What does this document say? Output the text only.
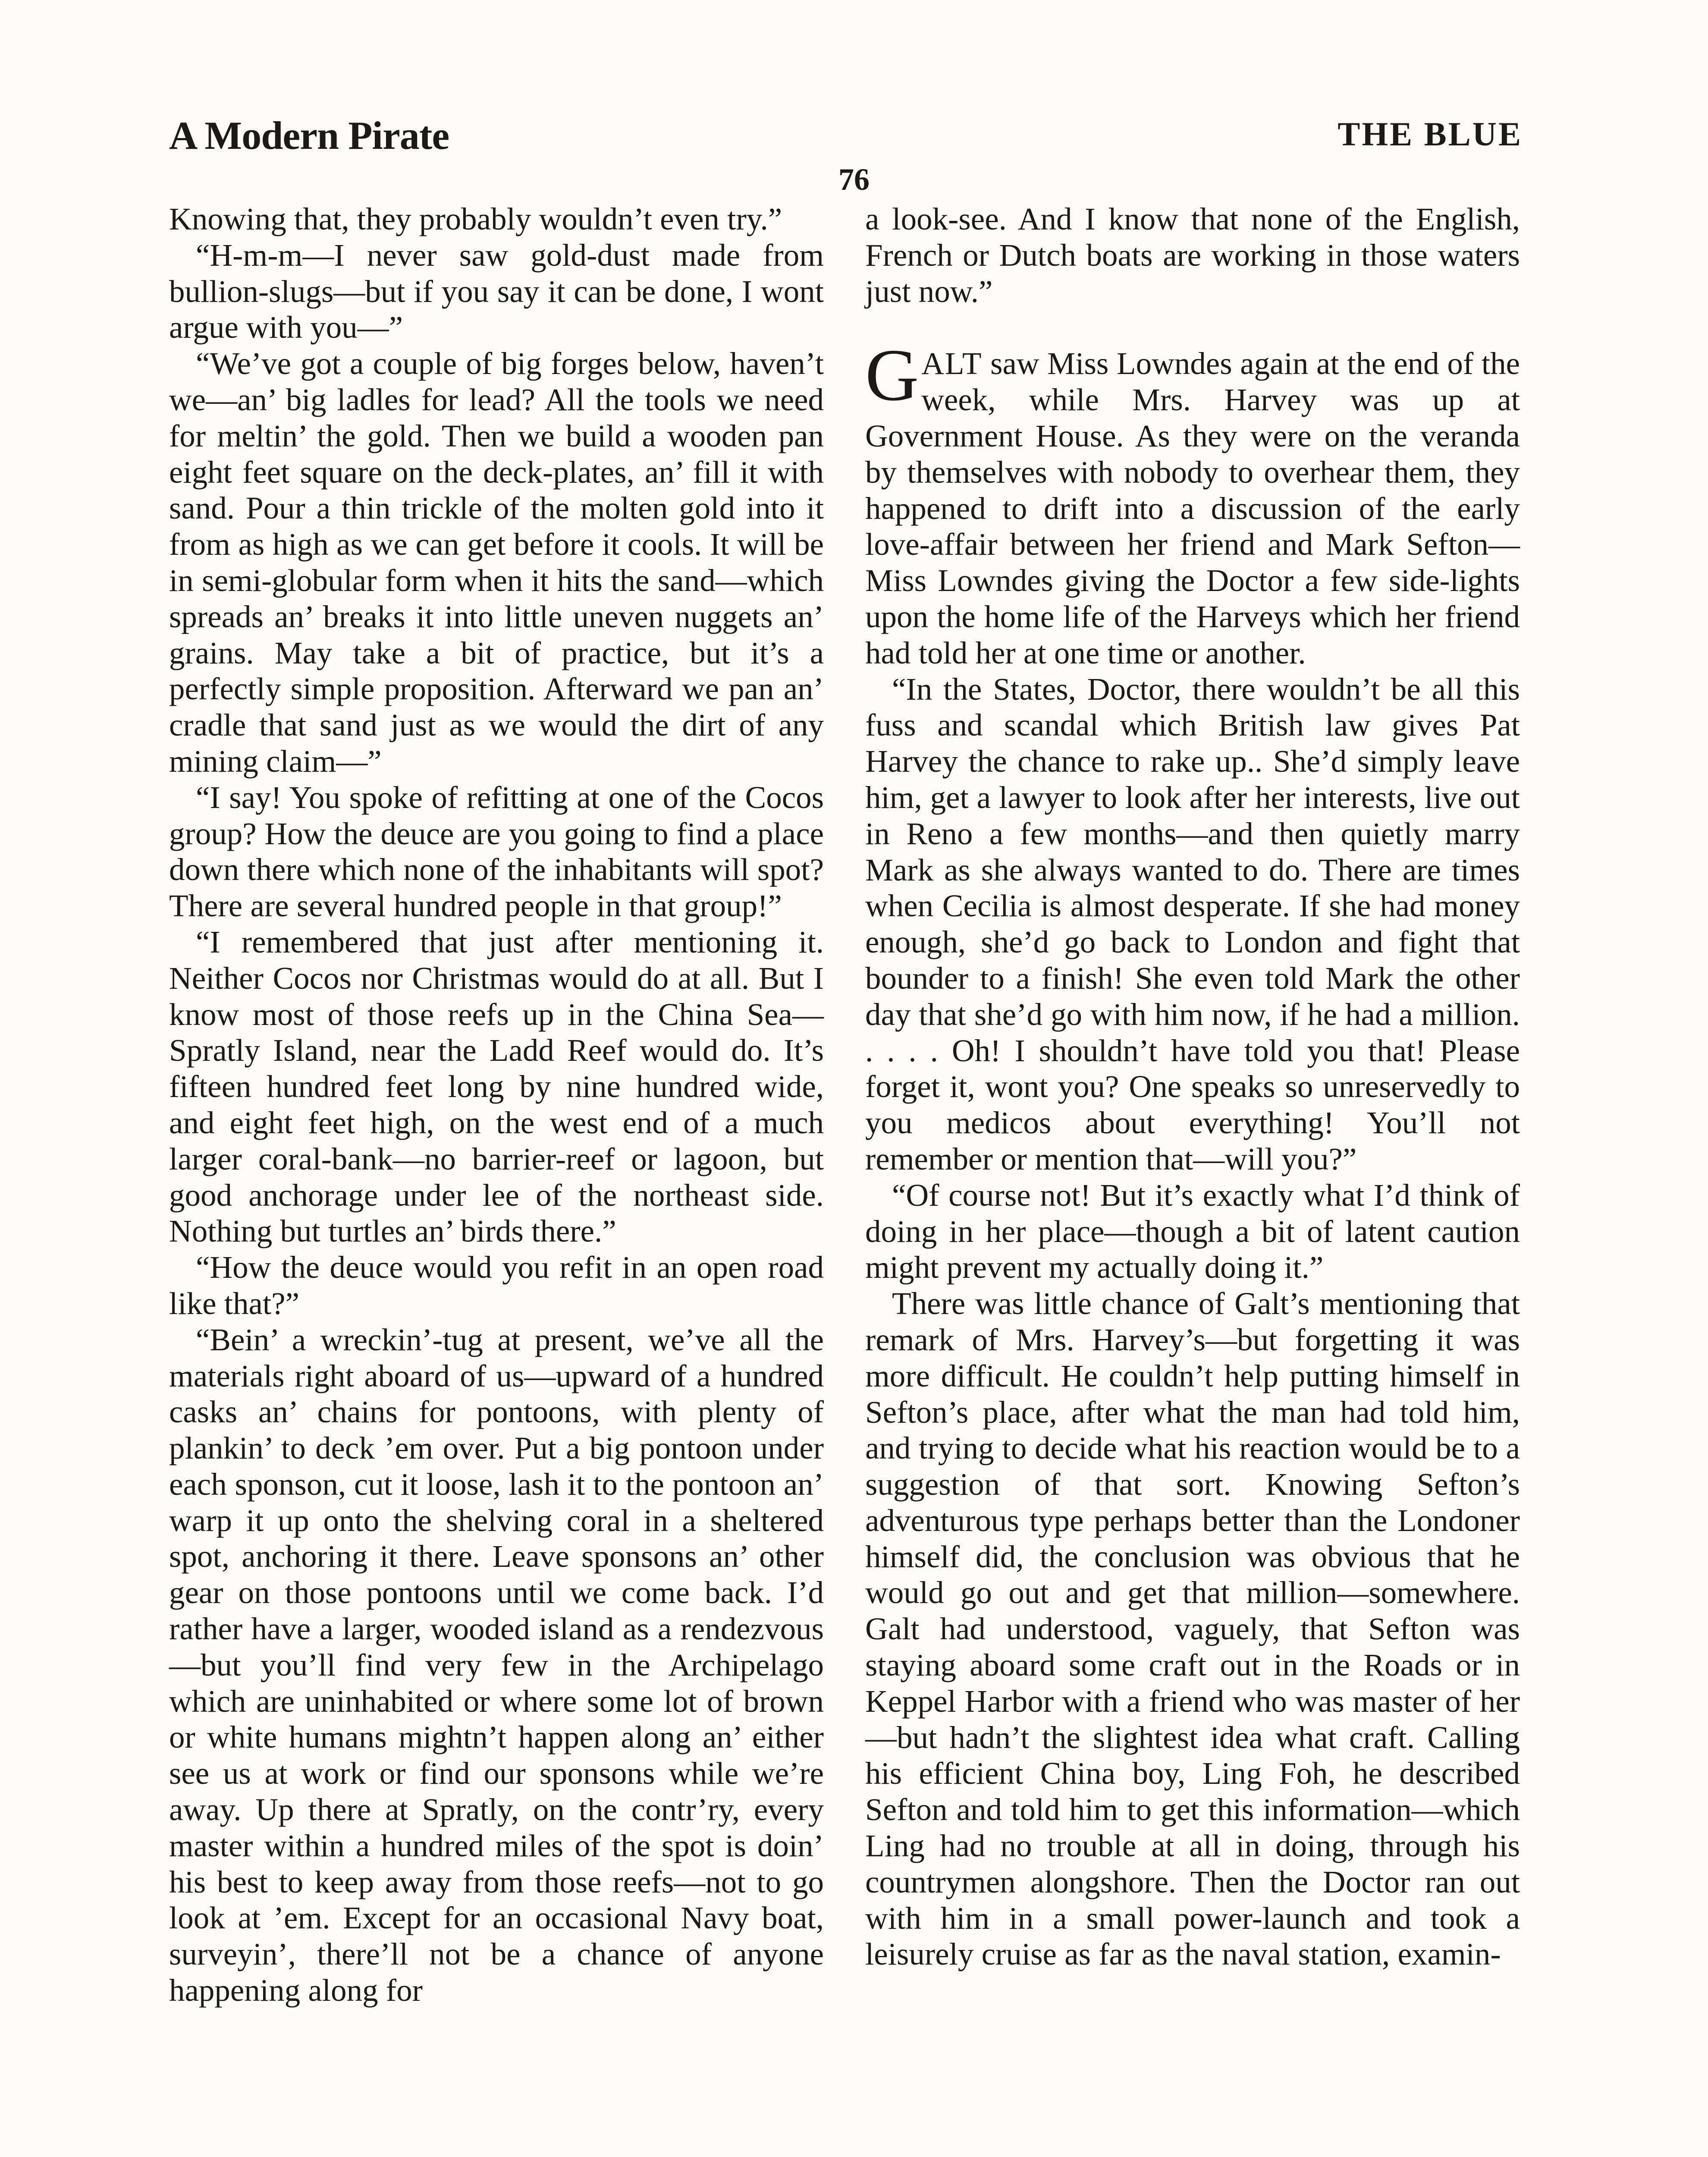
A Modern Pirate	THE BLUE
76

Knowing that, they probably wouldn’t even try.”

“H-m-m—I never saw gold-dust made from bullion-slugs—but if you say it can be done, I wont argue with you—”

“We’ve got a couple of big forges below, haven’t we—an’ big ladles for lead? All the tools we need for meltin’ the gold. Then we build a wooden pan eight feet square on the deck-plates, an’ fill it with sand. Pour a thin trickle of the molten gold into it from as high as we can get before it cools. It will be in semi-globular form when it hits the sand—which spreads an’ breaks it into little uneven nuggets an’ grains. May take a bit of practice, but it’s a perfectly simple proposition. Afterward we pan an’ cradle that sand just as we would the dirt of any mining claim—”

“I say! You spoke of refitting at one of the Cocos group? How the deuce are you going to find a place down there which none of the inhabitants will spot? There are several hundred people in that group!”

“I remembered that just after mentioning it. Neither Cocos nor Christmas would do at all. But I know most of those reefs up in the China Sea—Spratly Island, near the Ladd Reef would do. It’s fifteen hundred feet long by nine hundred wide, and eight feet high, on the west end of a much larger coral-bank—no barrier-reef or lagoon, but good anchorage under lee of the northeast side. Nothing but turtles an’ birds there.”

“How the deuce would you refit in an open road like that?”

“Bein’ a wreckin’-tug at present, we’ve all the materials right aboard of us—upward of a hundred casks an’ chains for pontoons, with plenty of plankin’ to deck ’em over. Put a big pontoon under each sponson, cut it loose, lash it to the pontoon an’ warp it up onto the shelving coral in a sheltered spot, anchoring it there. Leave sponsons an’ other gear on those pontoons until we come back. I’d rather have a larger, wooded island as a rendezvous—but you’ll find very few in the Archipelago which are uninhabited or where some lot of brown or white humans mightn’t happen along an’ either see us at work or find our sponsons while we’re away. Up there at Spratly, on the contr’ry, every master within a hundred miles of the spot is doin’ his best to keep away from those reefs—not to go look at ’em. Except for an occasional Navy boat, surveyin’, there’ll not be a chance of anyone happening along for

a look-see. And I know that none of the English, French or Dutch boats are working in those waters just now.”

GALT saw Miss Lowndes again at the end of the week, while Mrs. Harvey was up at Government House. As they were on the veranda by themselves with nobody to overhear them, they happened to drift into a discussion of the early love-affair between her friend and Mark Sefton—Miss Lowndes giving the Doctor a few side-lights upon the home life of the Harveys which her friend had told her at one time or another.

“In the States, Doctor, there wouldn’t be all this fuss and scandal which British law gives Pat Harvey the chance to rake up.. She’d simply leave him, get a lawyer to look after her interests, live out in Reno a few months—and then quietly marry Mark as she always wanted to do. There are times when Cecilia is almost desperate. If she had money enough, she’d go back to London and fight that bounder to a finish! She even told Mark the other day that she’d go with him now, if he had a million. . . . . Oh! I shouldn’t have told you that! Please forget it, wont you? One speaks so unreservedly to you medicos about everything! You’ll not remember or mention that—will you?”

“Of course not! But it’s exactly what I’d think of doing in her place—though a bit of latent caution might prevent my actually doing it.”

There was little chance of Galt’s mentioning that remark of Mrs. Harvey’s—but forgetting it was more difficult. He couldn’t help putting himself in Sefton’s place, after what the man had told him, and trying to decide what his reaction would be to a suggestion of that sort. Knowing Sefton’s adventurous type perhaps better than the Londoner himself did, the conclusion was obvious that he would go out and get that million—somewhere. Galt had understood, vaguely, that Sefton was staying aboard some craft out in the Roads or in Keppel Harbor with a friend who was master of her—but hadn’t the slightest idea what craft. Calling his efficient China boy, Ling Foh, he described Sefton and told him to get this information—which Ling had no trouble at all in doing, through his countrymen alongshore. Then the Doctor ran out with him in a small power-launch and took a leisurely cruise as far as the naval station, examin-
